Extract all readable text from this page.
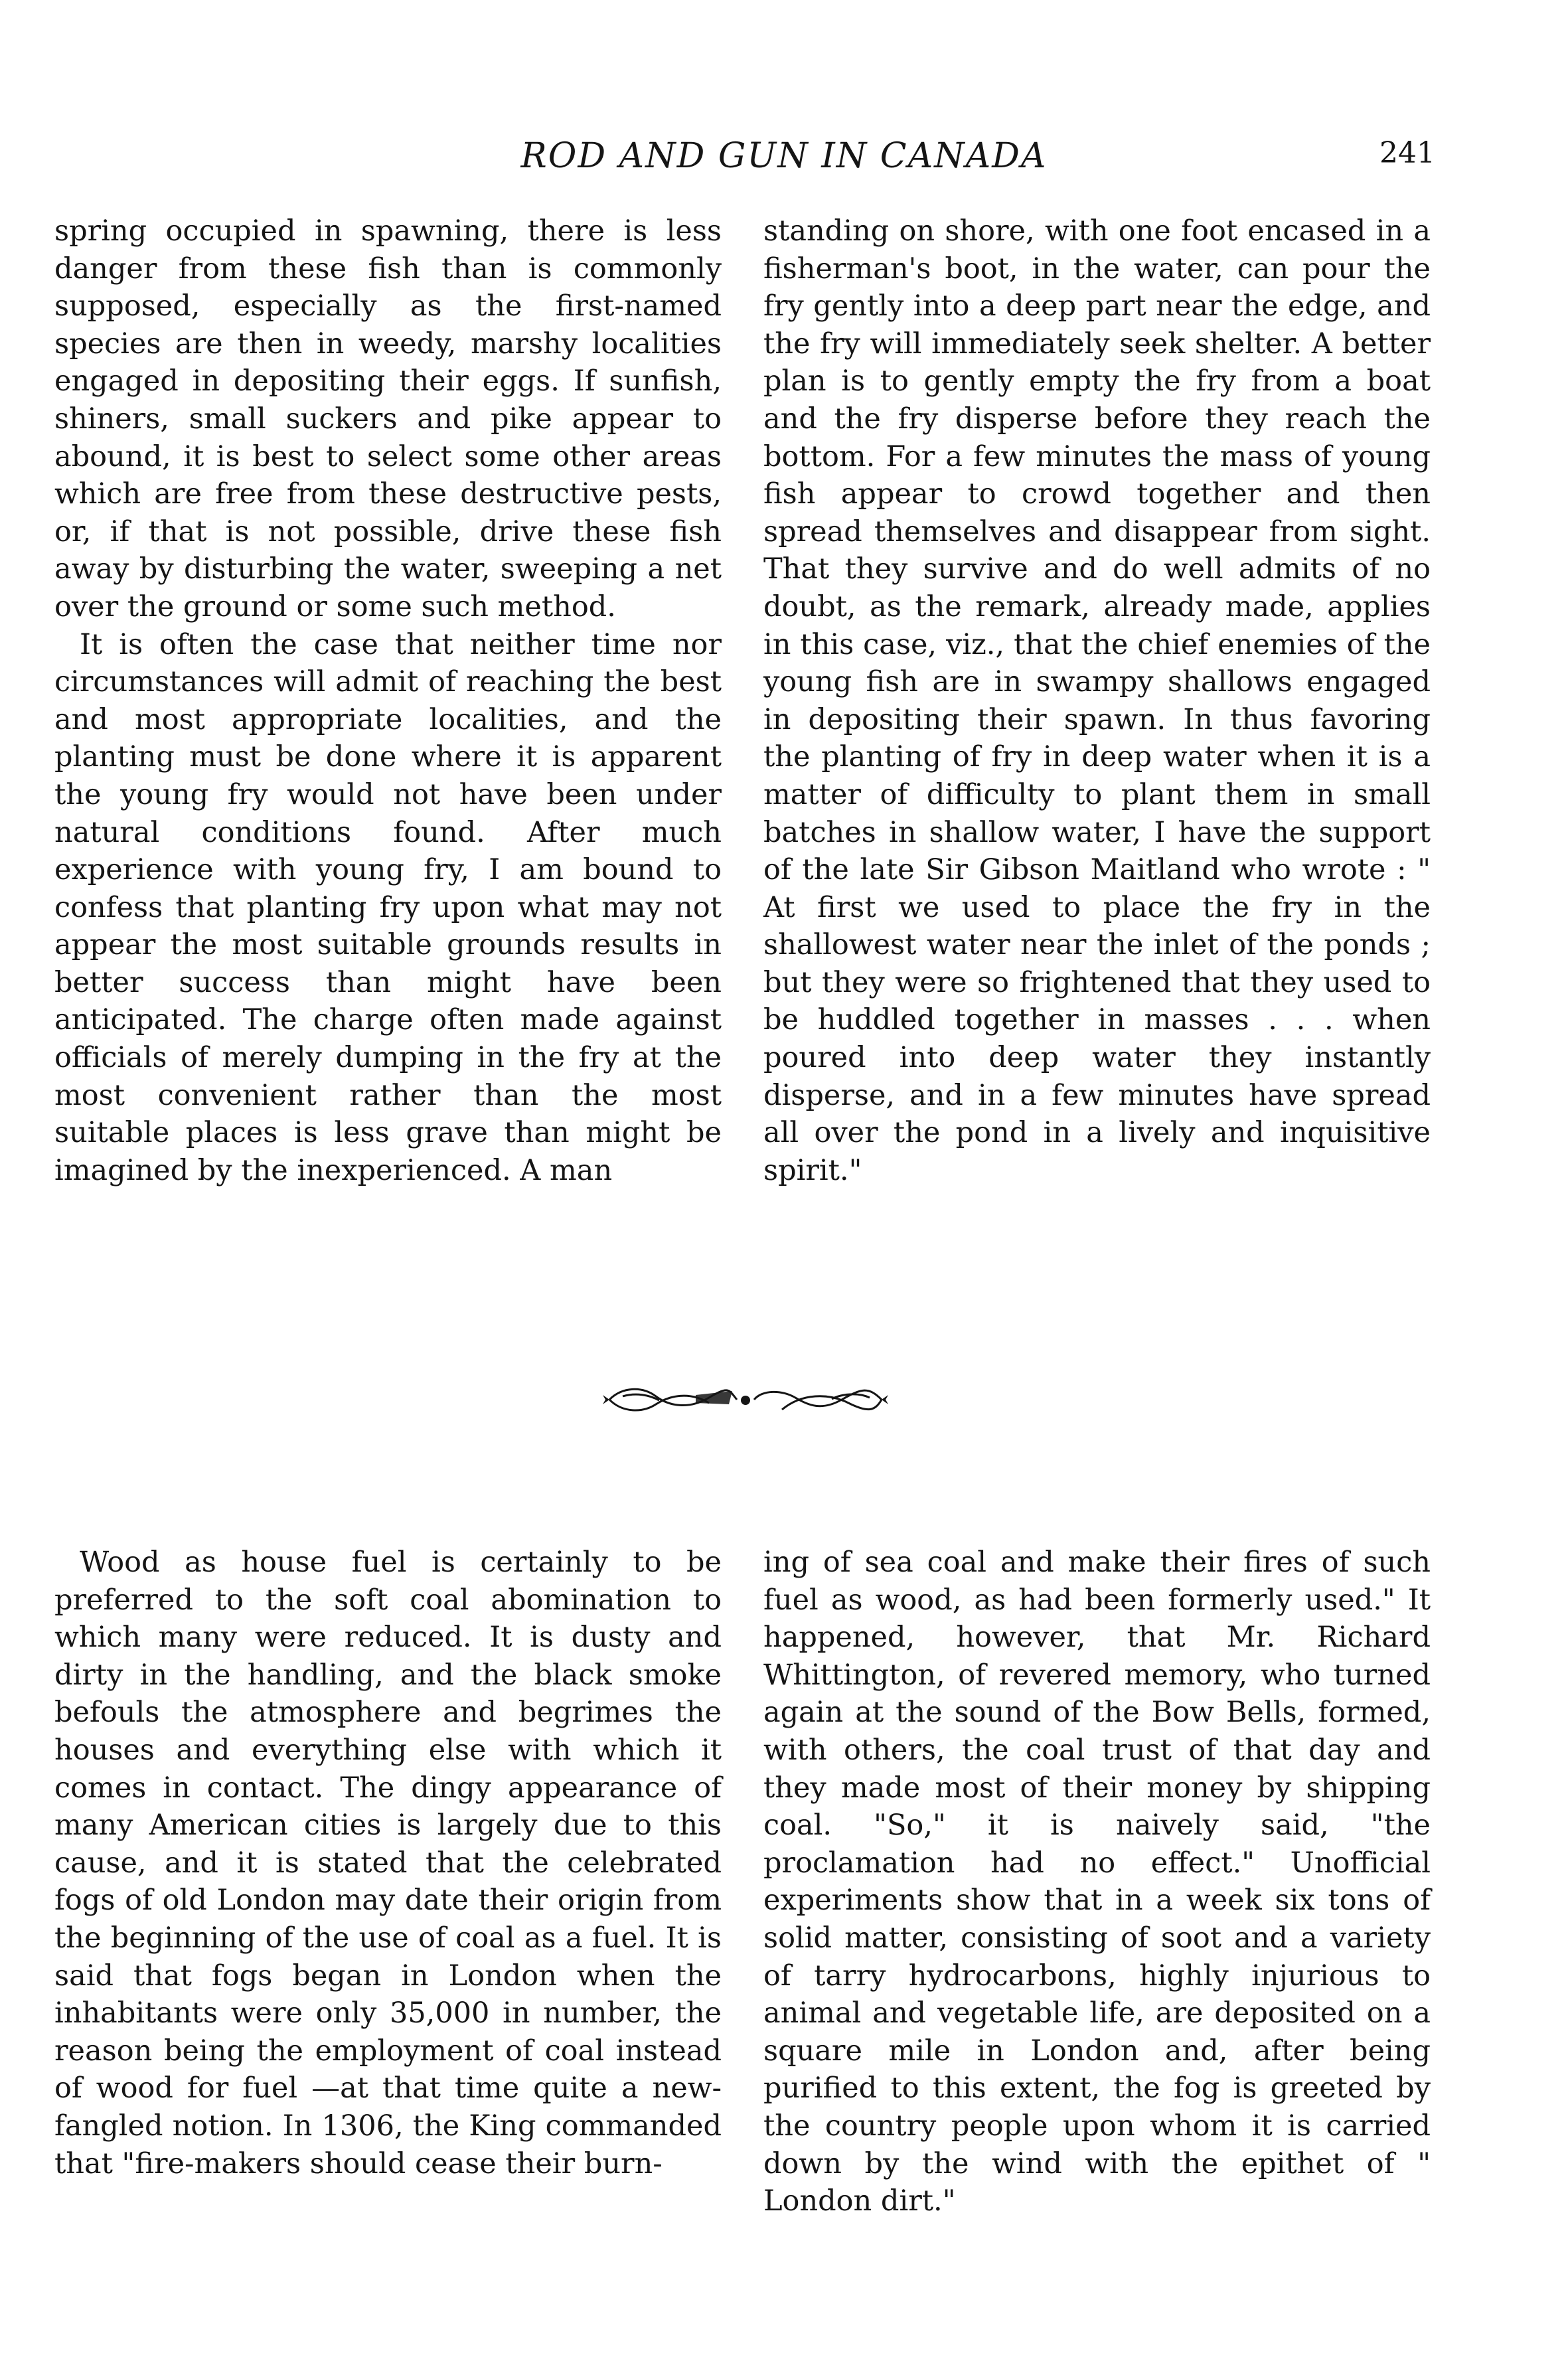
ROD AND GUN IN CANADA	241

spring occupied in spawning, there is less danger from these fish than is commonly supposed, especially as the first-named species are then in weedy, marshy localities engaged in depositing their eggs. If sunfish, shiners, small suckers and pike appear to abound, it is best to select some other areas which are free from these destructive pests, or, if that is not possible, drive these fish away by disturbing the water, sweeping a net over the ground or some such method.

It is often the case that neither time nor circumstances will admit of reaching the best and most appropriate localities, and the planting must be done where it is apparent the young fry would not have been under natural conditions found. After much experience with young fry, I am bound to confess that planting fry upon what may not appear the most suitable grounds results in better success than might have been anticipated. The charge often made against officials of merely dumping in the fry at the most convenient rather than the most suitable places is less grave than might be imagined by the inexperienced. A man

standing on shore, with one foot encased in a fisherman's boot, in the water, can pour the fry gently into a deep part near the edge, and the fry will immediately seek shelter. A better plan is to gently empty the fry from a boat and the fry disperse before they reach the bottom. For a few minutes the mass of young fish appear to crowd together and then spread themselves and disappear from sight. That they survive and do well admits of no doubt, as the remark, already made, applies in this case, viz., that the chief enemies of the young fish are in swampy shallows engaged in depositing their spawn. In thus favoring the planting of fry in deep water when it is a matter of difficulty to plant them in small batches in shallow water, I have the support of the late Sir Gibson Maitland who wrote : " At first we used to place the fry in the shallowest water near the inlet of the ponds ; but they were so frightened that they used to be huddled together in masses . . . when poured into deep water they instantly disperse, and in a few minutes have spread all over the pond in a lively and inquisitive spirit."

Wood as house fuel is certainly to be preferred to the soft coal abomination to which many were reduced. It is dusty and dirty in the handling, and the black smoke befouls the atmosphere and begrimes the houses and everything else with which it comes in contact. The dingy appearance of many American cities is largely due to this cause, and it is stated that the celebrated fogs of old London may date their origin from the beginning of the use of coal as a fuel. It is said that fogs began in London when the inhabitants were only 35,000 in number, the reason being the employment of coal instead of wood for fuel —at that time quite a new-fangled notion. In 1306, the King commanded that "fire-makers should cease their burn-

ing of sea coal and make their fires of such fuel as wood, as had been formerly used." It happened, however, that Mr. Richard Whittington, of revered memory, who turned again at the sound of the Bow Bells, formed, with others, the coal trust of that day and they made most of their money by shipping coal. "So," it is naively said, "the proclamation had no effect." Unofficial experiments show that in a week six tons of solid matter, consisting of soot and a variety of tarry hydrocarbons, highly injurious to animal and vegetable life, are deposited on a square mile in London and, after being purified to this extent, the fog is greeted by the country people upon whom it is carried down by the wind with the epithet of " London dirt."
